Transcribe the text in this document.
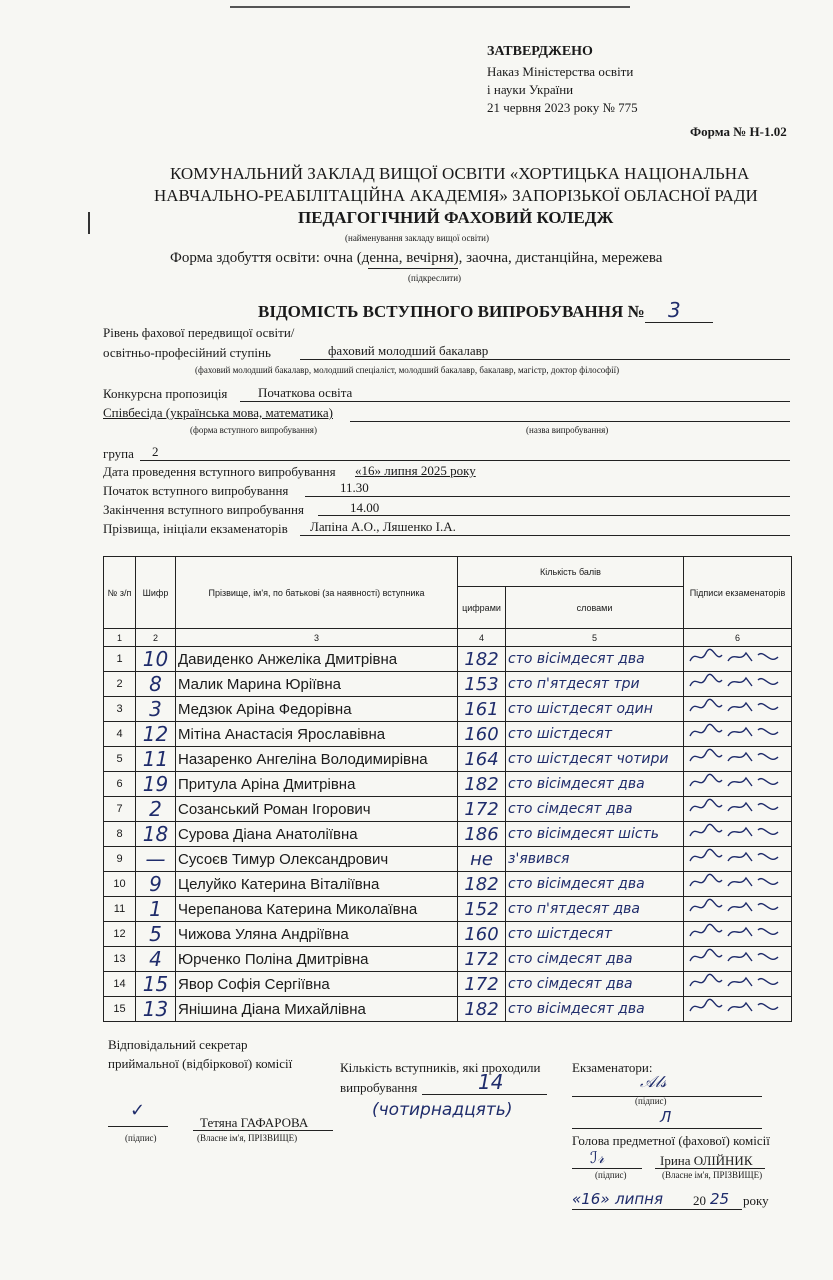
ЗАТВЕРДЖЕНО
Наказ Міністерства освіти
і науки України
21 червня 2023 року № 775
Форма № Н-1.02
КОМУНАЛЬНИЙ ЗАКЛАД ВИЩОЇ ОСВІТИ «ХОРТИЦЬКА НАЦІОНАЛЬНА
НАВЧАЛЬНО-РЕАБІЛІТАЦІЙНА АКАДЕМІЯ» ЗАПОРІЗЬКОЇ ОБЛАСНОЇ РАДИ
ПЕДАГОГІЧНИЙ ФАХОВИЙ КОЛЕДЖ
(найменування закладу вищої освіти)
Форма здобуття освіти: очна (денна, вечірня), заочна, дистанційна, мережева
(підкреслити)
ВІДОМІСТЬ ВСТУПНОГО ВИПРОБУВАННЯ № 3
Рівень фахової передвищої освіти/
освітньо-професійний ступінь	фаховий молодший бакалавр
(фаховий молодший бакалавр, молодший спеціаліст, молодший бакалавр, бакалавр, магістр, доктор філософії)
Конкурсна пропозиція Початкова освіта
Співбесіда (українська мова, математика)
(форма вступного випробування)	(назва випробування)
група 2
Дата проведення вступного випробування «16» липня 2025 року
Початок вступного випробування	11.30
Закінчення вступного випробування	14.00
Прізвища, ініціали екзаменаторів Лапіна А.О., Ляшенко І.А.
№ з/п	Шифр	Прізвище, ім'я, по батькові (за наявності) вступника	Кількість балів		Підписи екзаменаторів
			цифрами	словами	
1	2	3	4	5	6
1	10	Давиденко Анжеліка Дмитрівна	182	сто вісімдесят два	
2	8	Малик Марина Юріївна	153	сто п'ятдесят три	
3	3	Медзюк Аріна Федорівна	161	сто шістдесят один	
4	12	Мітіна Анастасія Ярославівна	160	сто шістдесят	
5	11	Назаренко Ангеліна Володимирівна	164	сто шістдесят чотири	
6	19	Притула Аріна Дмитрівна	182	сто вісімдесят два	
7	2	Созанський Роман Ігорович	172	сто сімдесят два	
8	18	Сурова Діана Анатоліївна	186	сто вісімдесят шість	
9	—	Сусоєв Тимур Олександрович	не	з'явився	
10	9	Целуйко Катерина Віталіївна	182	сто вісімдесят два	
11	1	Черепанова Катерина Миколаївна	152	сто п'ятдесят два	
12	5	Чижова Уляна Андріївна	160	сто шістдесят	
13	4	Юрченко Поліна Дмитрівна	172	сто сімдесят два	
14	15	Явор Софія Сергіївна	172	сто сімдесят два	
15	13	Янішина Діана Михайлівна	182	сто вісімдесят два	
Відповідальний секретар
приймальної (відбіркової) комісії
✓
Тетяна ГАФАРОВА
(підпис)	(Власне ім'я, ПРІЗВИЩЕ)
Кількість вступників, які проходили
випробування	14
(чотирнадцять)
Екзаменатори:
𝒜𝓁𝓈
(підпис)
Л
Голова предметної (фахової) комісії
ℐ𝓇	Ірина ОЛІЙНИК
(підпис)	(Власне ім'я, ПРІЗВИЩЕ)
«16» липня 20 25 року
